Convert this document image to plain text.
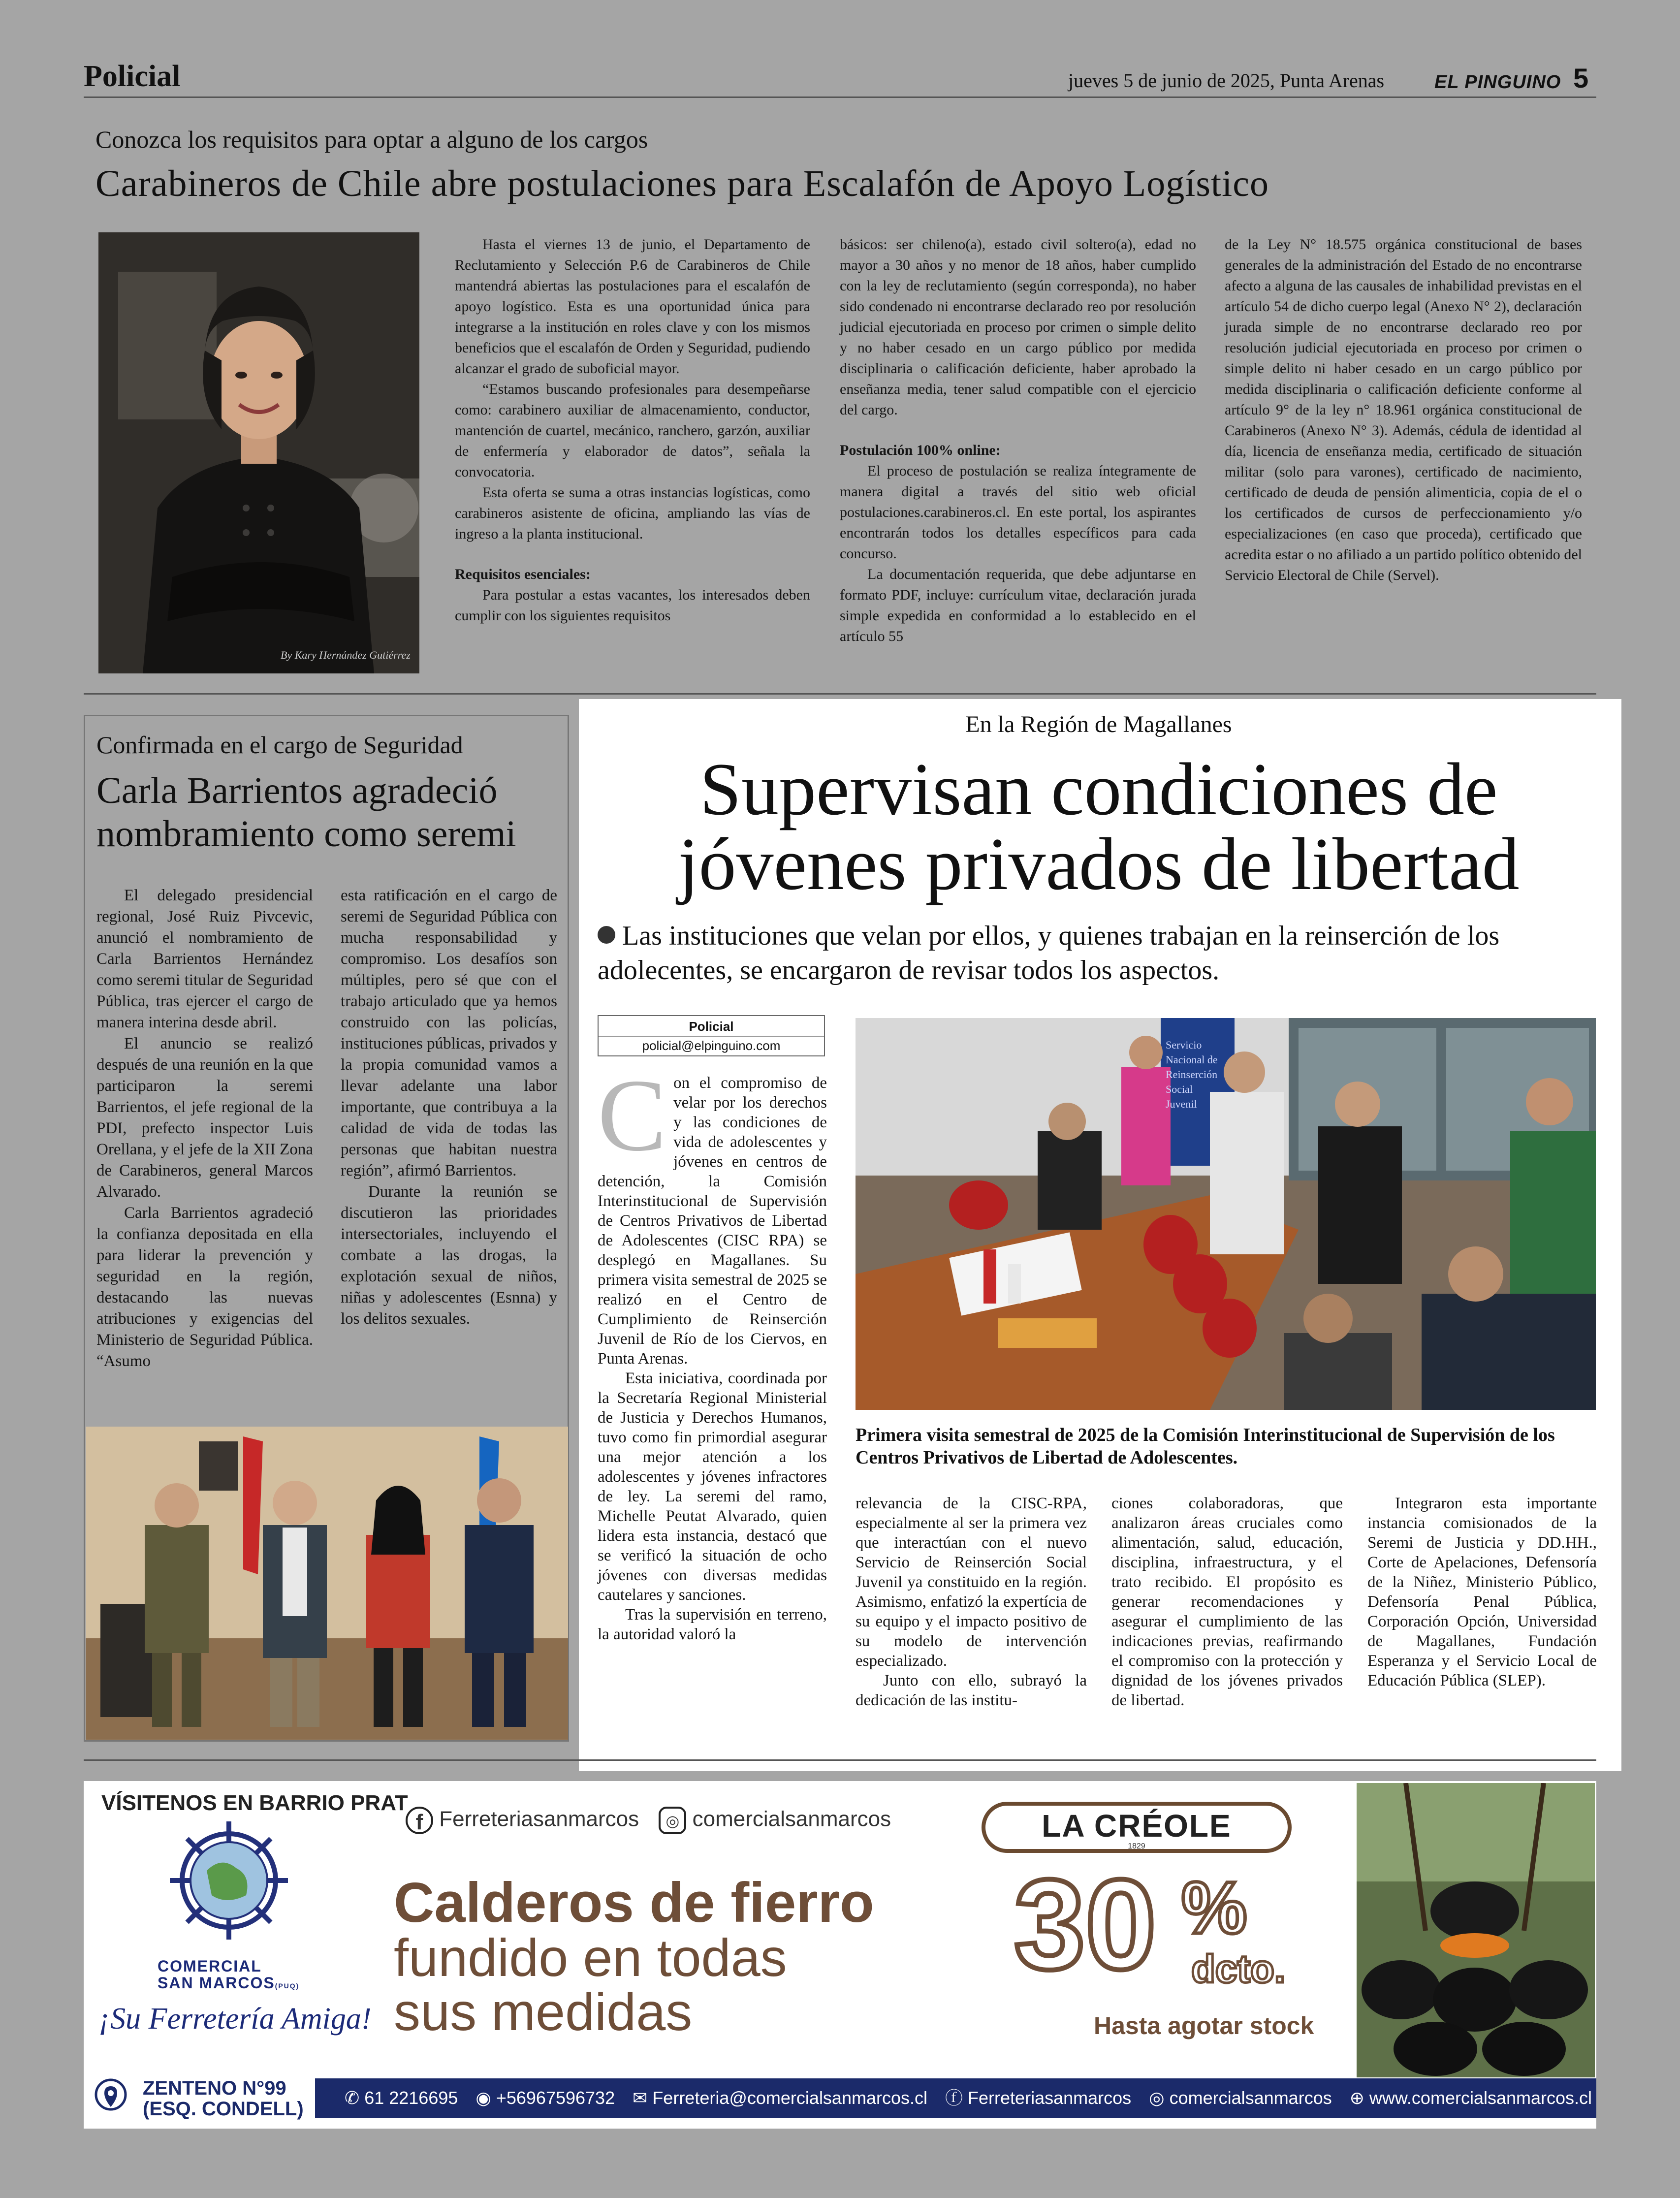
Policial	jueves 5 de junio de 2025, Punta Arenas	EL PINGUINO 5
Conozca los requisitos para optar a alguno de los cargos
Carabineros de Chile abre postulaciones para Escalafón de Apoyo Logístico
By Kary Hernández Gutiérrez

Hasta el viernes 13 de junio, el Departamento de Reclutamiento y Selección P.6 de Carabineros de Chile mantendrá abiertas las postulaciones para el escalafón de apoyo logístico. Esta es una oportunidad única para integrarse a la institución en roles clave y con los mismos beneficios que el escalafón de Orden y Seguridad, pudiendo alcanzar el grado de suboficial mayor.

“Estamos buscando profesionales para desempeñarse como: carabinero auxiliar de almacenamiento, conductor, mantención de cuartel, mecánico, ranchero, garzón, auxiliar de enfermería y elaborador de datos”, señala la convocatoria.

Esta oferta se suma a otras instancias logísticas, como carabineros asistente de oficina, ampliando las vías de ingreso a la planta institucional.

Requisitos esenciales:

Para postular a estas vacantes, los interesados deben cumplir con los siguientes requisitos

básicos: ser chileno(a), estado civil soltero(a), edad no mayor a 30 años y no menor de 18 años, haber cumplido con la ley de reclutamiento (según corresponda), no haber sido condenado ni encontrarse declarado reo por resolución judicial ejecutoriada en proceso por crimen o simple delito y no haber cesado en un cargo público por medida disciplinaria o calificación deficiente, haber aprobado la enseñanza media, tener salud compatible con el ejercicio del cargo.

Postulación 100% online:

El proceso de postulación se realiza íntegramente de manera digital a través del sitio web oficial postulaciones.carabineros.cl. En este portal, los aspirantes encontrarán todos los detalles específicos para cada concurso.

La documentación requerida, que debe adjuntarse en formato PDF, incluye: currículum vitae, declaración jurada simple expedida en conformidad a lo establecido en el artículo 55

de la Ley N° 18.575 orgánica constitucional de bases generales de la administración del Estado de no encontrarse afecto a alguna de las causales de inhabilidad previstas en el artículo 54 de dicho cuerpo legal (Anexo N° 2), declaración jurada simple de no encontrarse declarado reo por resolución judicial ejecutoriada en proceso por crimen o simple delito ni haber cesado en un cargo público por medida disciplinaria o calificación deficiente conforme al artículo 9° de la ley n° 18.961 orgánica constitucional de Carabineros (Anexo N° 3). Además, cédula de identidad al día, licencia de enseñanza media, certificado de situación militar (solo para varones), certificado de nacimiento, certificado de deuda de pensión alimenticia, copia de el o los certificados de cursos de perfeccionamiento y/o especializaciones (en caso que proceda), certificado que acredita estar o no afiliado a un partido político obtenido del Servicio Electoral de Chile (Servel).

Confirmada en el cargo de Seguridad
Carla Barrientos agradeció nombramiento como seremi

El delegado presidencial regional, José Ruiz Pivcevic, anunció el nombramiento de Carla Barrientos Hernández como seremi titular de Seguridad Pública, tras ejercer el cargo de manera interina desde abril.

El anuncio se realizó después de una reunión en la que participaron la seremi Barrientos, el jefe regional de la PDI, prefecto inspector Luis Orellana, y el jefe de la XII Zona de Carabineros, general Marcos Alvarado.

Carla Barrientos agradeció la confianza depositada en ella para liderar la prevención y seguridad en la región, destacando las nuevas atribuciones y exigencias del Ministerio de Seguridad Pública. “Asumo

esta ratificación en el cargo de seremi de Seguridad Pública con mucha responsabilidad y compromiso. Los desafíos son múltiples, pero sé que con el trabajo articulado que ya hemos construido con las policías, instituciones públicas, privados y la propia comunidad vamos a llevar adelante una labor importante, que contribuya a la calidad de vida de todas las personas que habitan nuestra región”, afirmó Barrientos.

Durante la reunión se discutieron las prioridades intersectoriales, incluyendo el combate a las drogas, la explotación sexual de niños, niñas y adolescentes (Esnna) y los delitos sexuales.

En la Región de Magallanes
Supervisan condiciones de
jóvenes privados de libertad
Las instituciones que velan por ellos, y quienes trabajan en la reinserción de los adolecentes, se encargaron de revisar todos los aspectos.
Policial
policial@elpinguino.com

Con el compromiso de velar por los derechos y las condiciones de vida de adolescentes y jóvenes en centros de detención, la Comisión Interinstitucional de Supervisión de Centros Privativos de Libertad de Adolescentes (CISC RPA) se desplegó en Magallanes. Su primera visita semestral de 2025 se realizó en el Centro de Cumplimiento de Reinserción Juvenil de Río de los Ciervos, en Punta Arenas.

Esta iniciativa, coordinada por la Secretaría Regional Ministerial de Justicia y Derechos Humanos, tuvo como fin primordial asegurar una mejor atención a los adolescentes y jóvenes infractores de ley. La seremi del ramo, Michelle Peutat Alvarado, quien lidera esta instancia, destacó que se verificó la situación de ocho jóvenes con diversas medidas cautelares y sanciones.

Tras la supervisión en terreno, la autoridad valoró la

Servicio Nacional de Reinserción Social Juvenil
Primera visita semestral de 2025 de la Comisión Interinstitucional de Supervisión de los Centros Privativos de Libertad de Adolescentes.

relevancia de la CISC-RPA, especialmente al ser la primera vez que interactúan con el nuevo Servicio de Reinserción Social Juvenil ya constituido en la región. Asimismo, enfatizó la expertícia de su equipo y el impacto positivo de su modelo de intervención especializado.

Junto con ello, subrayó la dedicación de las institu-

ciones colaboradoras, que analizaron áreas cruciales como alimentación, salud, educación, disciplina, infraestructura, y el trato recibido. El propósito es generar recomendaciones y asegurar el cumplimiento de las indicaciones previas, reafirmando el compromiso con la protección y dignidad de los jóvenes privados de libertad.

Integraron esta importante instancia comisionados de la Seremi de Justicia y DD.HH., Corte de Apelaciones, Defensoría de la Niñez, Ministerio Público, Defensoría Penal Pública, Corporación Opción, Universidad de Magallanes, Fundación Esperanza y el Servicio Local de Educación Pública (SLEP).

VÍSITENOS EN BARRIO PRAT
COMERCIAL
SAN MARCOS(PUQ)
¡Su Ferretería Amiga!
ZENTENO N°99
(ESQ. CONDELL)
f Ferreteriasanmarcos ◎ comercialsanmarcos	LA CRÉOLE
1829
Calderos de fierro
fundido en todas
sus medidas
30 %
dcto.
Hasta agotar stock
✆ 61 2216695 ◉ +56967596732 ✉ Ferreteria@comercialsanmarcos.cl ⓕ Ferreteriasanmarcos ◎ comercialsanmarcos ⊕ www.comercialsanmarcos.cl
